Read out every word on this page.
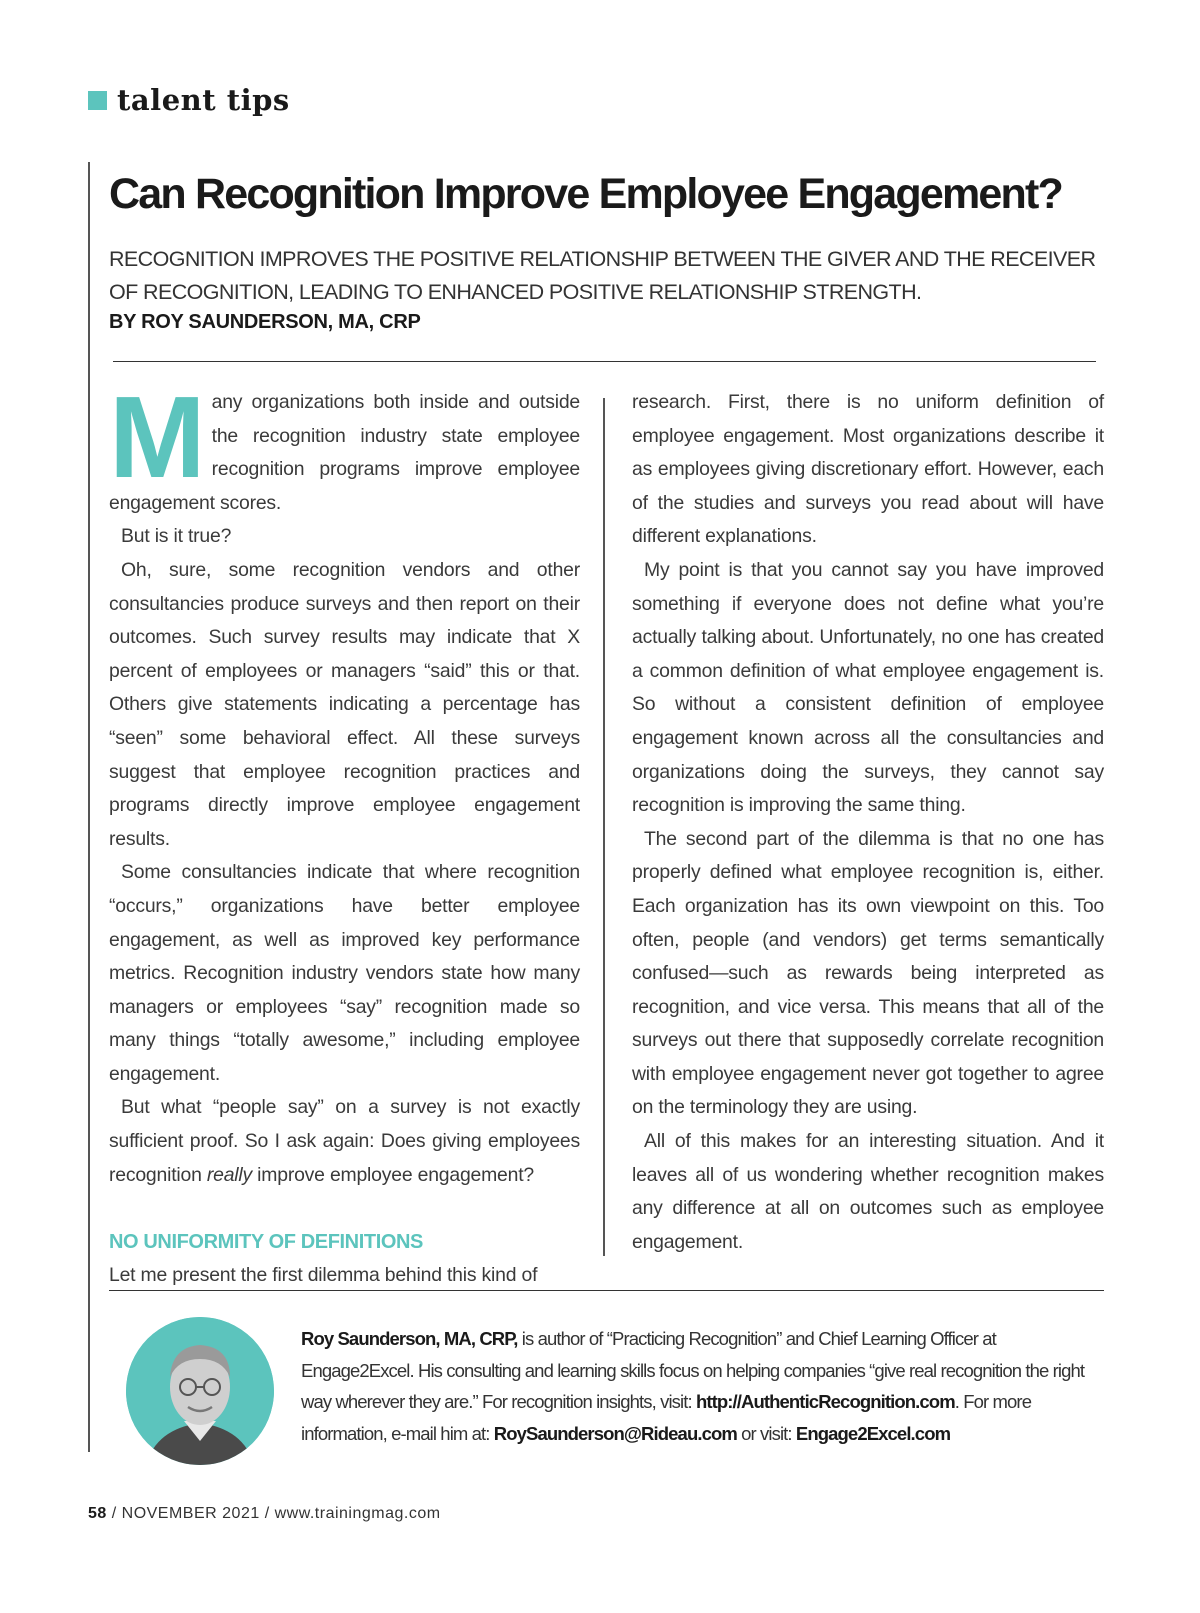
talent tips
Can Recognition Improve Employee Engagement?

RECOGNITION IMPROVES THE POSITIVE RELATIONSHIP BETWEEN THE GIVER AND THE RECEIVER OF RECOGNITION, LEADING TO ENHANCED POSITIVE RELATIONSHIP STRENGTH.

BY ROY SAUNDERSON, MA, CRP

Many organizations both inside and outside the recognition industry state employee recognition programs improve employee engagement scores.

But is it true?

Oh, sure, some recognition vendors and other consultancies produce surveys and then report on their outcomes. Such survey results may indicate that X percent of employees or managers “said” this or that. Others give statements indicating a percentage has “seen” some behavioral effect. All these surveys suggest that employee recognition practices and programs directly improve employee engagement results.

Some consultancies indicate that where recognition “occurs,” organizations have better employee engagement, as well as improved key performance metrics. Recognition industry vendors state how many managers or employees “say” recognition made so many things “totally awesome,” including employee engagement.

But what “people say” on a survey is not exactly sufficient proof. So I ask again: Does giving employees recognition really improve employee engagement?

NO UNIFORMITY OF DEFINITIONS

Let me present the first dilemma behind this kind of

research. First, there is no uniform definition of employee engagement. Most organizations describe it as employees giving discretionary effort. However, each of the studies and surveys you read about will have different explanations.

My point is that you cannot say you have improved something if everyone does not define what you’re actually talking about. Unfortunately, no one has created a common definition of what employee engagement is. So without a consistent definition of employee engagement known across all the consultancies and organizations doing the surveys, they cannot say recognition is improving the same thing.

The second part of the dilemma is that no one has properly defined what employee recognition is, either. Each organization has its own viewpoint on this. Too often, people (and vendors) get terms semantically confused—such as rewards being interpreted as recognition, and vice versa. This means that all of the surveys out there that supposedly correlate recognition with employee engagement never got together to agree on the terminology they are using.

All of this makes for an interesting situation. And it leaves all of us wondering whether recognition makes any difference at all on outcomes such as employee engagement.

Roy Saunderson, MA, CRP, is author of “Practicing Recognition” and Chief Learning Officer at Engage2Excel. His consulting and learning skills focus on helping companies “give real recognition the right way wherever they are.” For recognition insights, visit: http://AuthenticRecognition.com. For more information, e-mail him at: RoySaunderson@Rideau.com or visit: Engage2Excel.com

58 / NOVEMBER 2021 / www.trainingmag.com
